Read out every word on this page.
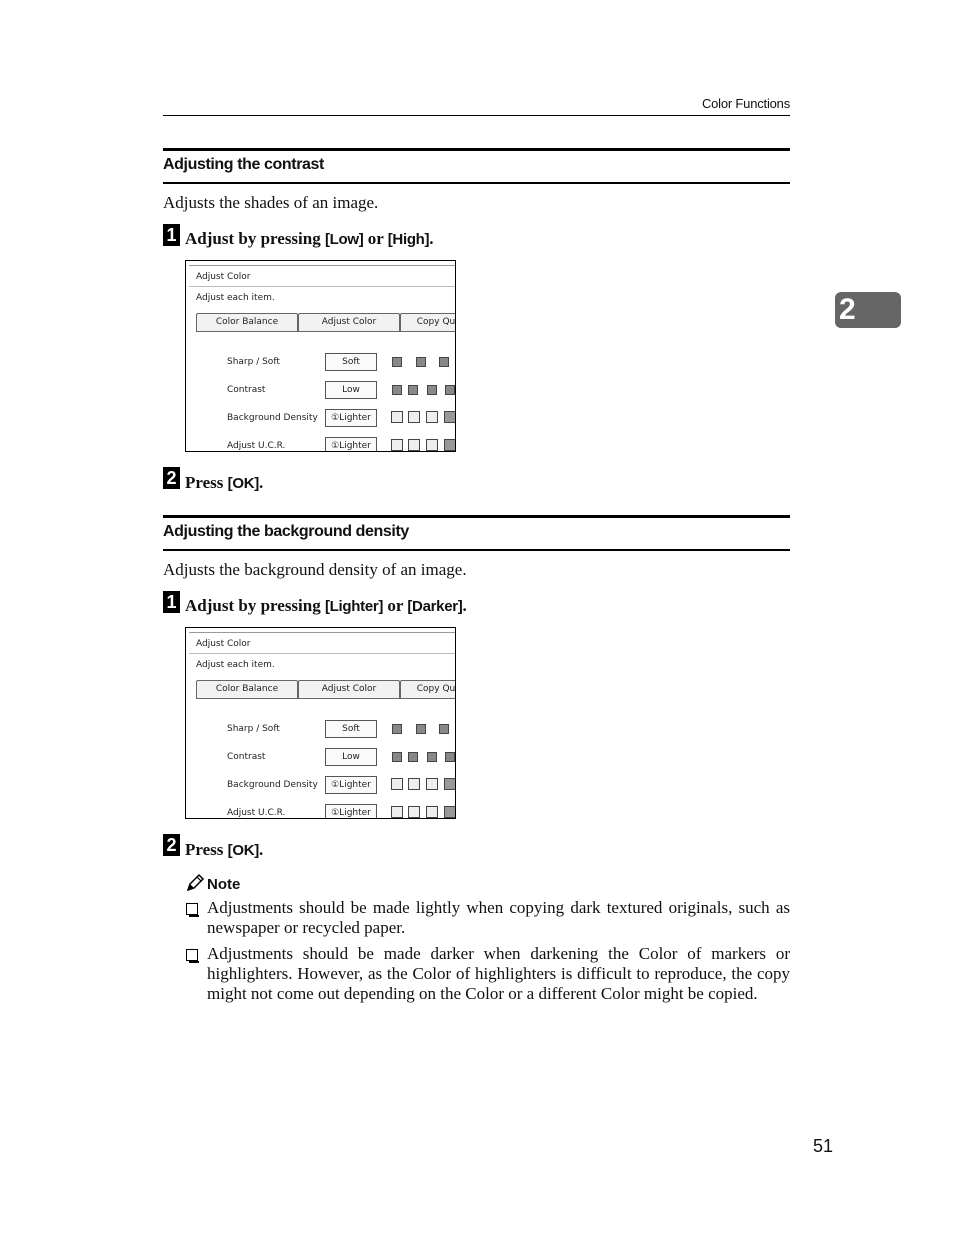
Color Functions
2
Adjusting the contrast
Adjusts the shades of an image.
1 Adjust by pressing [Low] or [High].
Adjust Color
Adjust each item.
Color Balance	Adjust Color	Copy Qu
Sharp / Soft	Soft
Contrast	Low
Background Density	①Lighter
Adjust U.C.R.	①Lighter
2 Press [OK].
Adjusting the background density
Adjusts the background density of an image.
1 Adjust by pressing [Lighter] or [Darker].
Adjust Color
Adjust each item.
Color Balance	Adjust Color	Copy Qu
Sharp / Soft	Soft
Contrast	Low
Background Density	①Lighter
Adjust U.C.R.	①Lighter
2 Press [OK].
Note
Adjustments should be made lightly when copying dark textured originals, such as newspaper or recycled paper.
Adjustments should be made darker when darkening the Color of markers or highlighters. However, as the Color of highlighters is difficult to reproduce, the copy might not come out depending on the Color or a different Color might be copied.
51
